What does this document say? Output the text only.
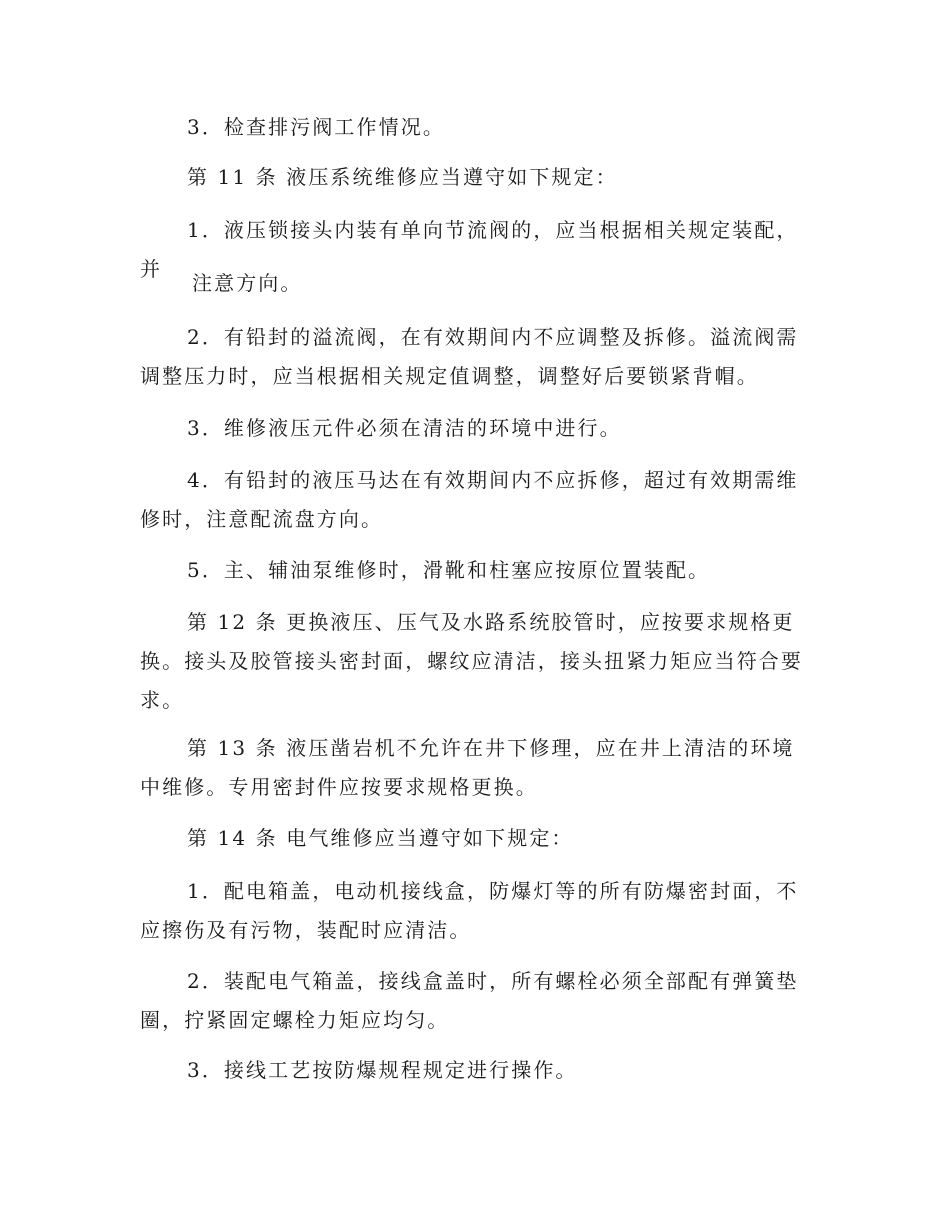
3．检查排污阀工作情况。

第 11 条 液压系统维修应当遵守如下规定：

1．液压锁接头内装有单向节流阀的，应当根据相关规定装配，并

注意方向。

2．有铅封的溢流阀，在有效期间内不应调整及拆修。溢流阀需调整压力时，应当根据相关规定值调整，调整好后要锁紧背帽。

3．维修液压元件必须在清洁的环境中进行。

4．有铅封的液压马达在有效期间内不应拆修，超过有效期需维修时，注意配流盘方向。

5．主、辅油泵维修时，滑靴和柱塞应按原位置装配。

第 12 条 更换液压、压气及水路系统胶管时，应按要求规格更换。接头及胶管接头密封面，螺纹应清洁，接头扭紧力矩应当符合要求。

第 13 条 液压凿岩机不允许在井下修理，应在井上清洁的环境中维修。专用密封件应按要求规格更换。

第 14 条 电气维修应当遵守如下规定：

1．配电箱盖，电动机接线盒，防爆灯等的所有防爆密封面，不应擦伤及有污物，装配时应清洁。

2．装配电气箱盖，接线盒盖时，所有螺栓必须全部配有弹簧垫圈，拧紧固定螺栓力矩应均匀。

3．接线工艺按防爆规程规定进行操作。
